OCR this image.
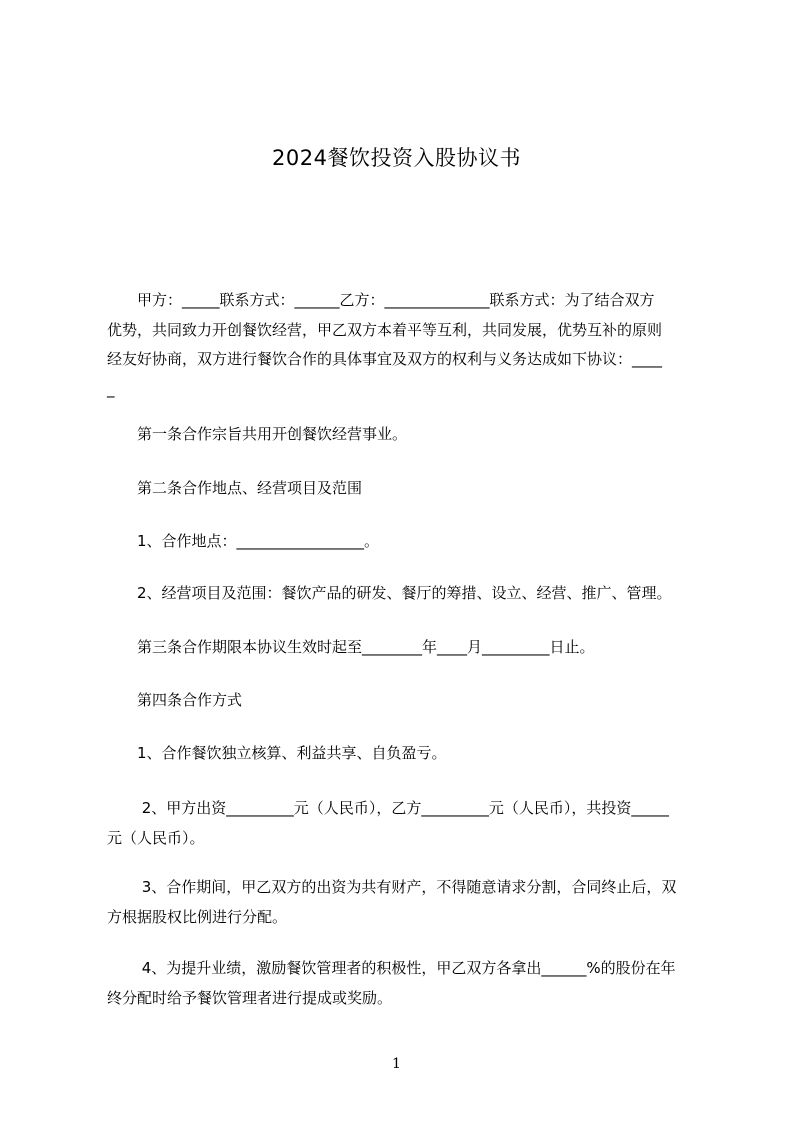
2024餐饮投资入股协议书
　　甲方：_____联系方式：______乙方：______________联系方式：为了结合双方
优势，共同致力开创餐饮经营，甲乙双方本着平等互利，共同发展，优势互补的原则
经友好协商，双方进行餐饮合作的具体事宜及双方的权利与义务达成如下协议：____
_
　　第一条合作宗旨共用开创餐饮经营事业。
　　第二条合作地点、经营项目及范围
　　1、合作地点：_________________。
　　2、经营项目及范围：餐饮产品的研发、餐厅的筹措、设立、经营、推广、管理。
　　第三条合作期限本协议生效时起至________年____月_________日止。
　　第四条合作方式
　　1、合作餐饮独立核算、利益共享、自负盈亏。
　　 2、甲方出资_________元（人民币），乙方_________元（人民币），共投资_____
元（人民币）。
　　 3、合作期间，甲乙双方的出资为共有财产，不得随意请求分割，合同终止后，双
方根据股权比例进行分配。
　　 4、为提升业绩，激励餐饮管理者的积极性，甲乙双方各拿出______%的股份在年
终分配时给予餐饮管理者进行提成或奖励。
1
